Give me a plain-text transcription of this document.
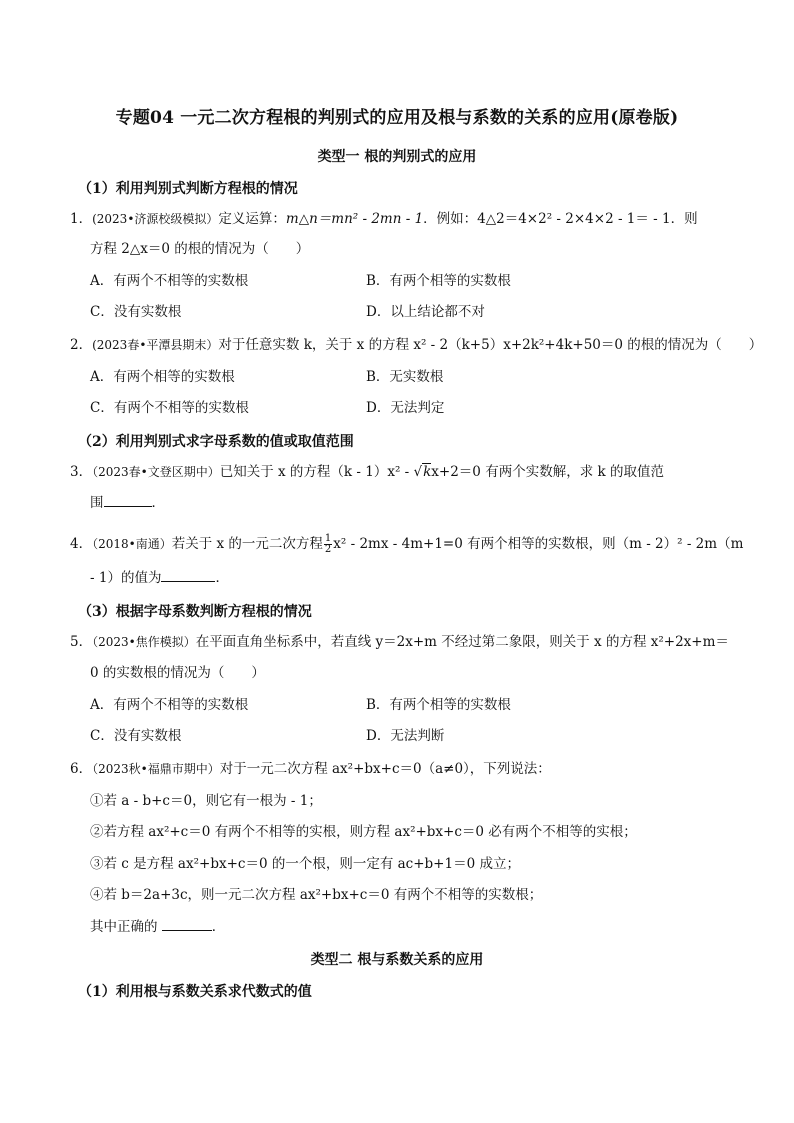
专题04 一元二次方程根的判别式的应用及根与系数的关系的应用(原卷版)
类型一 根的判别式的应用
（1）利用判别式判断方程根的情况
1．(2023•济源校级模拟）定义运算：m△n＝mn² - 2mn - 1．例如：4△2＝4×2² - 2×4×2 - 1＝ - 1．则
方程 2△x＝0 的根的情况为（　　）
A．有两个不相等的实数根	B．有两个相等的实数根
C．没有实数根	D．以上结论都不对
2．(2023春•平潭县期末）对于任意实数 k，关于 x 的方程 x² - 2（k+5）x+2k²+4k+50＝0 的根的情况为（　　）
A．有两个相等的实数根	B．无实数根
C．有两个不相等的实数根	D．无法判定
（2）利用判别式求字母系数的值或取值范围
3．（2023春•文登区期中）已知关于 x 的方程（k - 1）x² - √kx+2＝0 有两个实数解，求 k 的取值范
围	．
4．（2018•南通）若关于 x 的一元二次方程 $\frac{1}{2} x^2 - 2mx - 4m+1=0$ 有两个相等的实数根，则（m - 2）² - 2m（m
- 1）的值为	．
（3）根据字母系数判断方程根的情况
5．（2023•焦作模拟）在平面直角坐标系中，若直线 y＝2x+m 不经过第二象限，则关于 x 的方程 x²+2x+m＝
0 的实数根的情况为（　　）
A．有两个不相等的实数根	B．有两个相等的实数根
C．没有实数根	D．无法判断
6．（2023秋•福鼎市期中）对于一元二次方程 ax²+bx+c＝0（a≠0），下列说法：
①若 a - b+c＝0，则它有一根为 - 1；
②若方程 ax²+c＝0 有两个不相等的实根，则方程 ax²+bx+c＝0 必有两个不相等的实根；
③若 c 是方程 ax²+bx+c＝0 的一个根，则一定有 ac+b+1＝0 成立；
④若 b＝2a+3c，则一元二次方程 ax²+bx+c＝0 有两个不相等的实数根；
其中正确的	．
类型二 根与系数关系的应用
（1）利用根与系数关系求代数式的值
